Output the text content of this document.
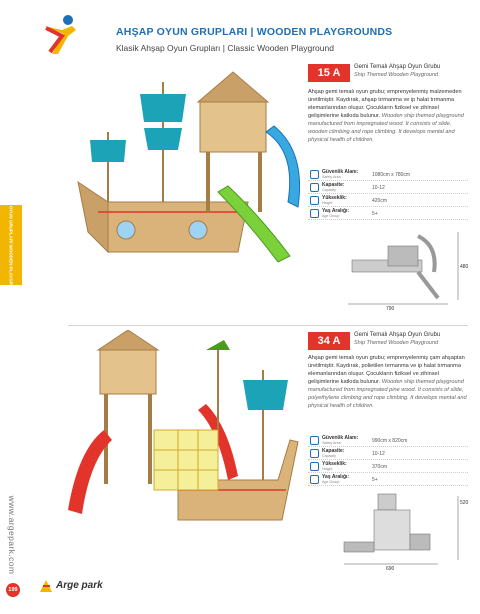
AHŞAP OYUN GRUPLARI | WOODEN PLAYGROUNDS
Klasik Ahşap Oyun Grupları | Classic Wooden Playground
AHŞAP OYUN GRUPLARI WOODEN PLAYGROUNDS
www.argepark.com
199	Arge park
15 A	Gemi Temalı Ahşap Oyun Grubu
Ship Themed Wooden Playground
Ahşap gemi temalı oyun grubu; emprenyelenmiş malzemeden üretilmiştir. Kaydırak, ahşap tırmanma ve ip halat tırmanma elemanlarından oluşur. Çocukların fiziksel ve zihinsel gelişimlerine katkıda bulunur. Wooden ship themed playground manufactured from impregnated wood. It consists of slide, wooden climbing and rope climbing. It develops mental and physical health of children.
Güvenlik Alanı:
Safety Area	1080cm x 780cm
Kapasite:
Capacity	10-12
Yükseklik:
Height	420cm
Yaş Aralığı:
Age Group	5+
480
790
34 A	Gemi Temalı Ahşap Oyun Grubu
Ship Themed Wooden Playground
Ahşap gemi temalı oyun grubu; emprenyelenmiş çam ahşaptan üretilmiştir. Kaydırak, polietilen tırmanma ve ip halat tırmanma elemanlarından oluşur. Çocukların fiziksel ve zihinsel gelişimlerine katkıda bulunur. Wooden ship themed playground manufactured from impregnated pine wood. It consists of slide, polyethylene climbing and rope climbing. It develops mental and physical health of children.
Güvenlik Alanı:
Safety Area	990cm x 820cm
Kapasite:
Capacity	10-12
Yükseklik:
Height	370cm
Yaş Aralığı:
Age Group	5+
520
690
